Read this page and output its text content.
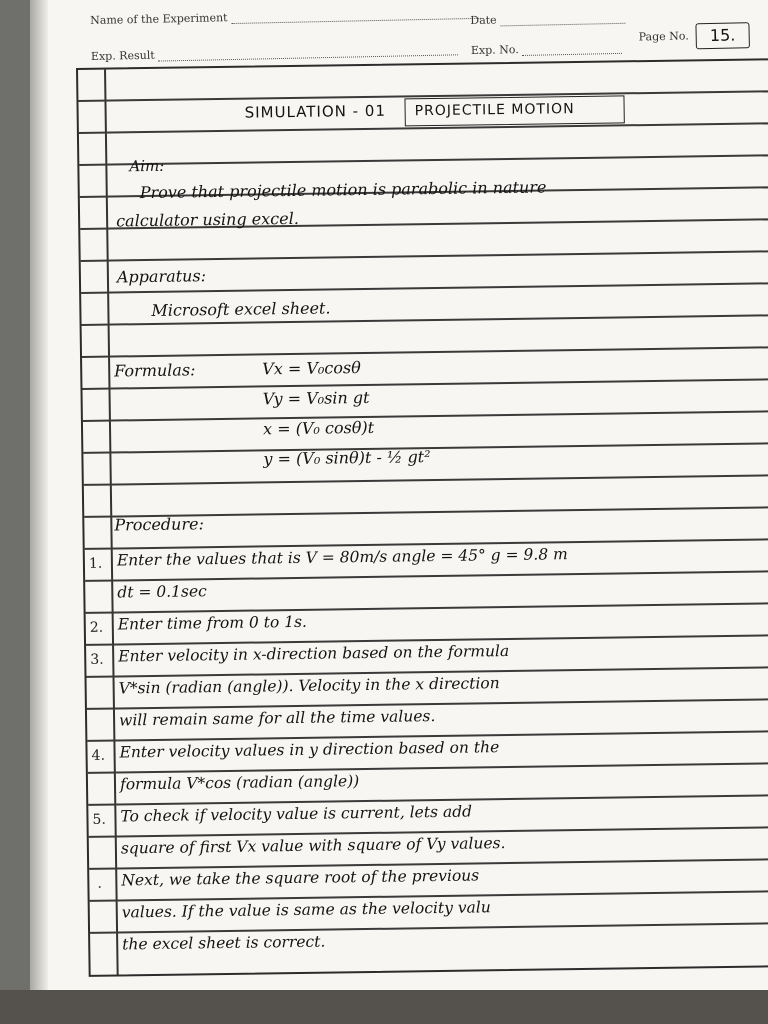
Name of the Experiment	Date
Exp. Result	Exp. No.
Page No.	15.
SIMULATION - 01 PROJECTILE MOTION
Aim:
Prove that projectile motion is parabolic in nature
calculator using excel.
Apparatus:
Microsoft excel sheet.
Formulas:	Vx = V₀cosθ
Vy = V₀sin gt
x = (V₀ cosθ)t
y = (V₀ sinθ)t - ½ gt²
Procedure:
1. Enter the values that is V = 80m/s angle = 45° g = 9.8 m
dt = 0.1sec
2. Enter time from 0 to 1s.
3. Enter velocity in x-direction based on the formula
V*sin (radian (angle)). Velocity in the x direction
will remain same for all the time values.
4. Enter velocity values in y direction based on the
formula V*cos (radian (angle))
5. To check if velocity value is current, lets add
square of first Vx value with square of Vy values.
. Next, we take the square root of the previous
values. If the value is same as the velocity valu
the excel sheet is correct.
